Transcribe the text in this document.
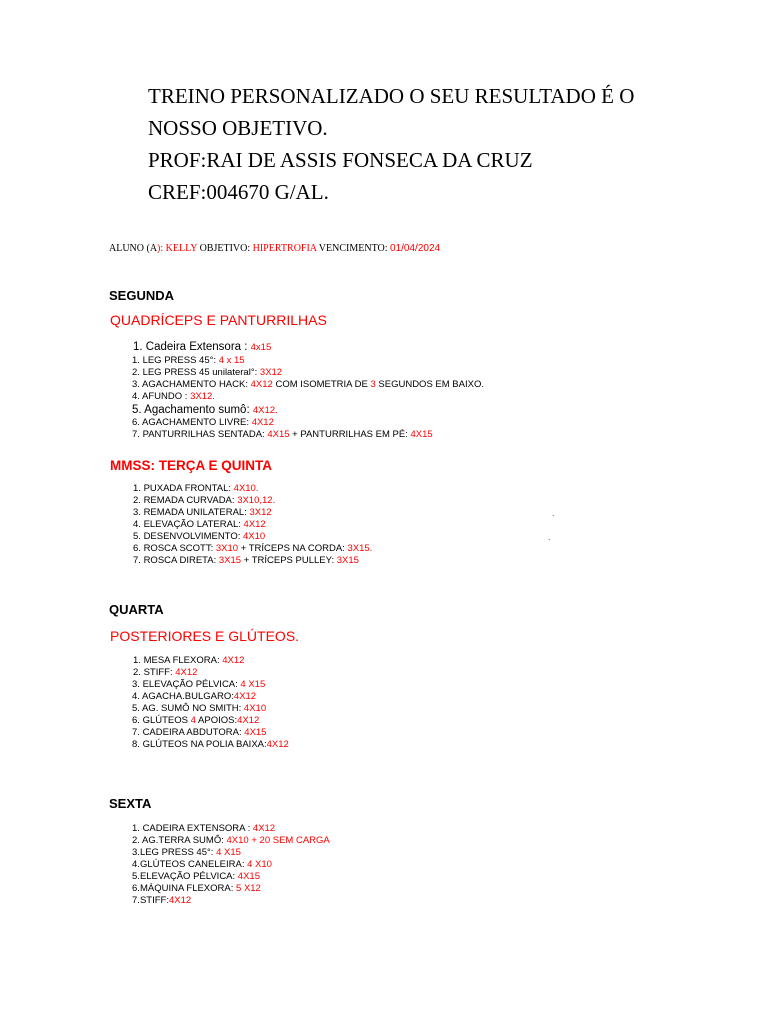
TREINO PERSONALIZADO O SEU RESULTADO É O
NOSSO OBJETIVO.
PROF:RAI DE ASSIS FONSECA DA CRUZ
CREF:004670 G/AL.
ALUNO (A): KELLY OBJETIVO: HIPERTROFIA VENCIMENTO: 01/04/2024
SEGUNDA
QUADRÍCEPS E PANTURRILHAS
1. Cadeira Extensora : 4x15
1. LEG PRESS 45°: 4 x 15
2. LEG PRESS 45 unilateral°: 3X12
3. AGACHAMENTO HACK: 4X12 COM ISOMETRIA DE 3 SEGUNDOS EM BAIXO.
4. AFUNDO : 3X12.
5. Agachamento sumô: 4X12.
6. AGACHAMENTO LIVRE: 4X12
7. PANTURRILHAS SENTADA: 4X15 + PANTURRILHAS EM PÉ: 4X15
MMSS: TERÇA E QUINTA
1. PUXADA FRONTAL: 4X10.
2. REMADA CURVADA: 3X10,12.
3. REMADA UNILATERAL: 3X12
4. ELEVAÇÃO LATERAL: 4X12
5. DESENVOLVIMENTO: 4X10
6. ROSCA SCOTT: 3X10 + TRÍCEPS NA CORDA: 3X15.
7. ROSCA DIRETA: 3X15 + TRÍCEPS PULLEY: 3X15
.
.
QUARTA
POSTERIORES E GLÚTEOS.
1. MESA FLEXORA: 4X12
2. STIFF: 4X12
3. ELEVAÇÃO PÉLVICA: 4 X15
4. AGACHA.BULGARO:4X12
5. AG. SUMÔ NO SMITH: 4X10
6. GLÚTEOS 4 APOIOS:4X12
7. CADEIRA ABDUTORA: 4X15
8. GLÚTEOS NA POLIA BAIXA:4X12
SEXTA
1. CADEIRA EXTENSORA : 4X12
2. AG.TERRA SUMÔ: 4X10 + 20 SEM CARGA
3.LEG PRESS 45°: 4 X15
4.GLÚTEOS CANELEIRA: 4 X10
5.ELEVAÇÃO PÉLVICA: 4X15
6.MÁQUINA FLEXORA: 5 X12
7.STIFF:4X12
